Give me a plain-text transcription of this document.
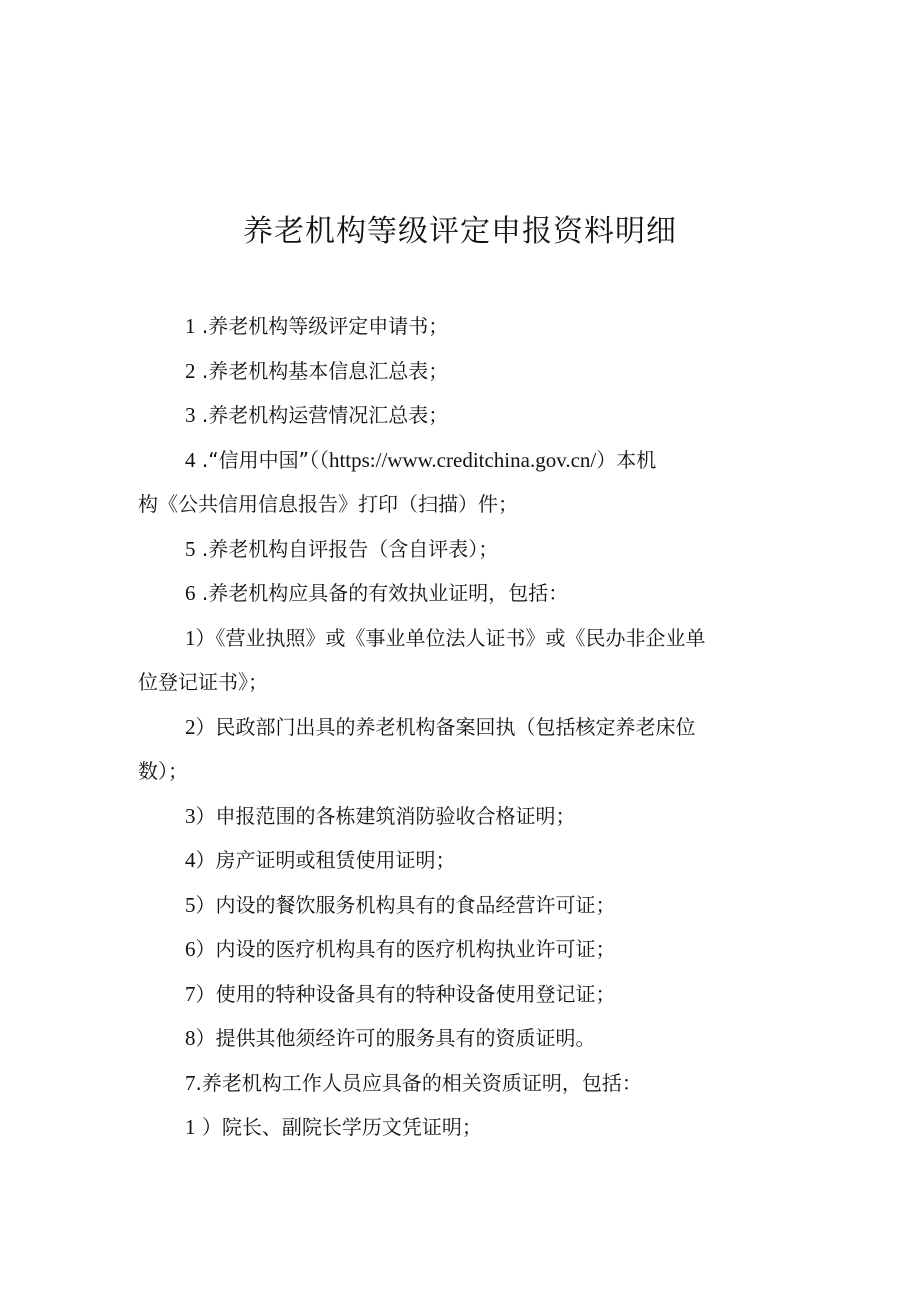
养老机构等级评定申报资料明细

1 .养老机构等级评定申请书；

2 .养老机构基本信息汇总表；

3 .养老机构运营情况汇总表；

4 .“信用中国”（（https://www.creditchina.gov.cn/）本机

构《公共信用信息报告》打印（扫描）件；

5 .养老机构自评报告（含自评表）；

6 .养老机构应具备的有效执业证明，包括：

1）《营业执照》或《事业单位法人证书》或《民办非企业单

位登记证书》；

2）民政部门出具的养老机构备案回执（包括核定养老床位

数）；

3）申报范围的各栋建筑消防验收合格证明；

4）房产证明或租赁使用证明；

5）内设的餐饮服务机构具有的食品经营许可证；

6）内设的医疗机构具有的医疗机构执业许可证；

7）使用的特种设备具有的特种设备使用登记证；

8）提供其他须经许可的服务具有的资质证明。

7.养老机构工作人员应具备的相关资质证明，包括：

1 ）院长、副院长学历文凭证明；
